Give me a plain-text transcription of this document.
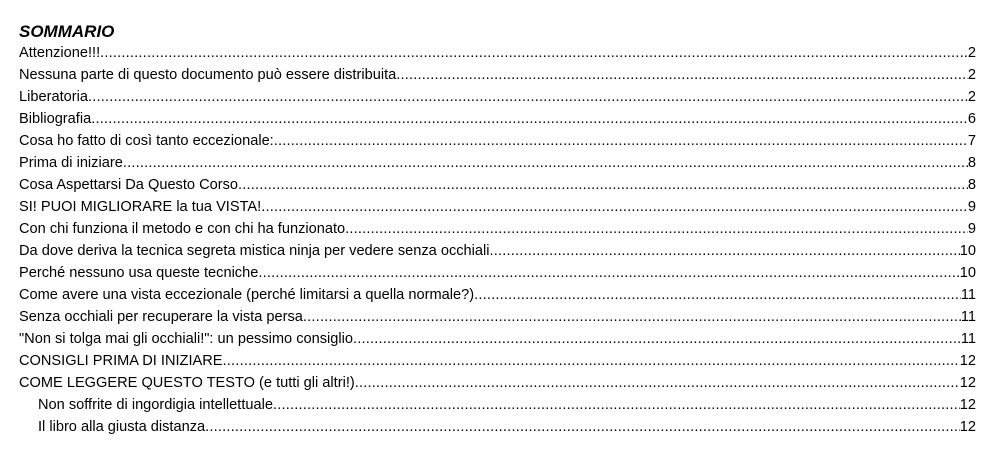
SOMMARIO
Attenzione!!! .....	2
Nessuna parte di questo documento può essere distribuita .....	2
Liberatoria .....	2
Bibliografia .....	6
Cosa ho fatto di così tanto eccezionale: .....	7
Prima di iniziare .....	8
Cosa Aspettarsi Da Questo Corso .....	8
SI! PUOI MIGLIORARE la tua VISTA! .....	9
Con chi funziona il metodo e con chi ha funzionato .....	9
Da dove deriva la tecnica segreta mistica ninja per vedere senza occhiali .....	10
Perché nessuno usa queste tecniche .....	10
Come avere una vista eccezionale (perché limitarsi a quella normale?) .....	11
Senza occhiali per recuperare la vista persa .....	11
"Non si tolga mai gli occhiali!": un pessimo consiglio .....	11
CONSIGLI PRIMA DI INIZIARE .....	12
COME LEGGERE QUESTO TESTO (e tutti gli altri!) .....	12
Non soffrite di ingordigia intellettuale .....	12
Il libro alla giusta distanza .....	12
